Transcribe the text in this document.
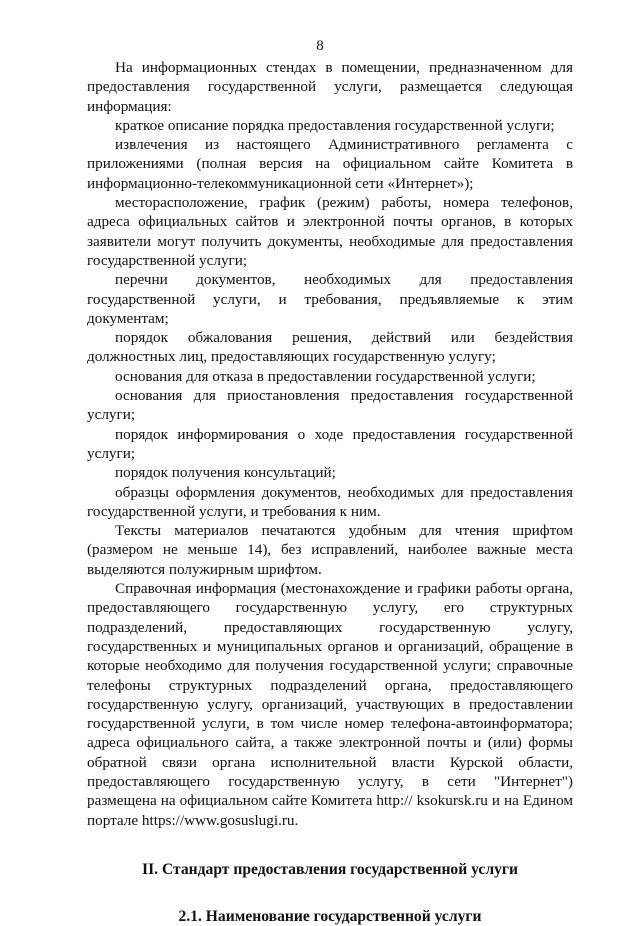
8

На информационных стендах в помещении, предназначенном для предоставления государственной услуги, размещается следующая информация:

краткое описание порядка предоставления государственной услуги;

извлечения из настоящего Административного регламента с приложениями (полная версия на официальном сайте Комитета в информационно-телекоммуникационной сети «Интернет»);

месторасположение, график (режим) работы, номера телефонов, адреса официальных сайтов и электронной почты органов, в которых заявители могут получить документы, необходимые для предоставления государственной услуги;

перечни документов, необходимых для предоставления государственной услуги, и требования, предъявляемые к этим документам;

порядок обжалования решения, действий или бездействия должностных лиц, предоставляющих государственную услугу;

основания для отказа в предоставлении государственной услуги;

основания для приостановления предоставления государственной услуги;

порядок информирования о ходе предоставления государственной услуги;

порядок получения консультаций;

образцы оформления документов, необходимых для предоставления государственной услуги, и требования к ним.

Тексты материалов печатаются удобным для чтения шрифтом (размером не меньше 14), без исправлений, наиболее важные места выделяются полужирным шрифтом.

Справочная информация (местонахождение и графики работы органа, предоставляющего государственную услугу, его структурных подразделений, предоставляющих государственную услугу, государственных и муниципальных органов и организаций, обращение в которые необходимо для получения государственной услуги; справочные телефоны структурных подразделений органа, предоставляющего государственную услугу, организаций, участвующих в предоставлении государственной услуги, в том числе номер телефона-автоинформатора; адреса официального сайта, а также электронной почты и (или) формы обратной связи органа исполнительной власти Курской области, предоставляющего государственную услугу, в сети "Интернет") размещена на официальном сайте Комитета http:// ksokursk.ru и на Едином портале https://www.gosuslugi.ru.

II. Стандарт предоставления государственной услуги

2.1. Наименование государственной услуги
